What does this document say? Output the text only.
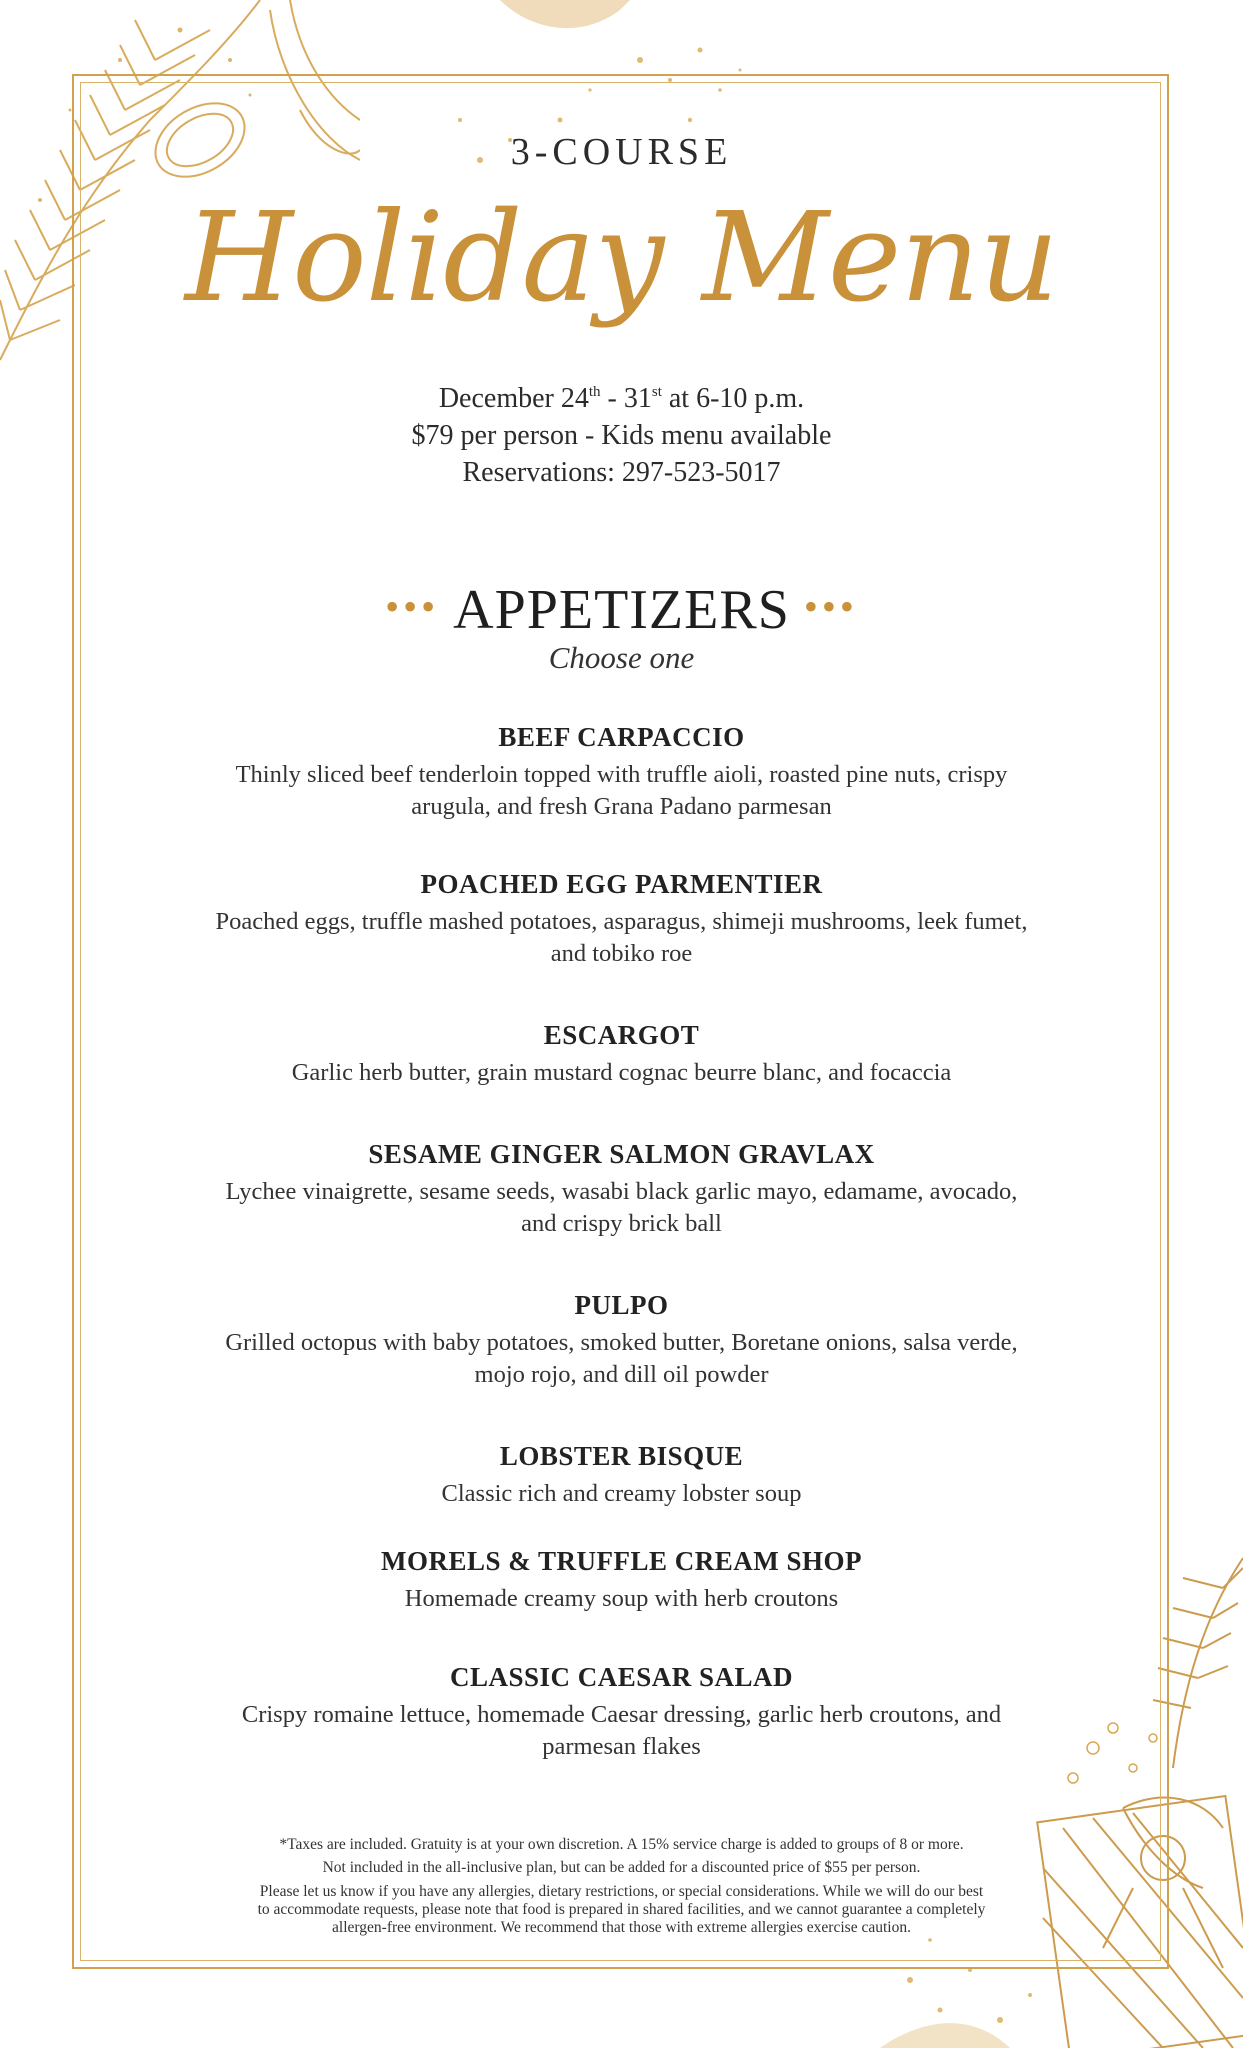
3-COURSE
Holiday Menu
December 24th - 31st at 6-10 p.m.
$79 per person - Kids menu available
Reservations: 297-523-5017
••• APPETIZERS •••
Choose one
BEEF CARPACCIO
Thinly sliced beef tenderloin topped with truffle aioli, roasted pine nuts, crispy
arugula, and fresh Grana Padano parmesan
POACHED EGG PARMENTIER
Poached eggs, truffle mashed potatoes, asparagus, shimeji mushrooms, leek fumet,
and tobiko roe
ESCARGOT
Garlic herb butter, grain mustard cognac beurre blanc, and focaccia
SESAME GINGER SALMON GRAVLAX
Lychee vinaigrette, sesame seeds, wasabi black garlic mayo, edamame, avocado,
and crispy brick ball
PULPO
Grilled octopus with baby potatoes, smoked butter, Boretane onions, salsa verde,
mojo rojo, and dill oil powder
LOBSTER BISQUE
Classic rich and creamy lobster soup
MORELS & TRUFFLE CREAM SHOP
Homemade creamy soup with herb croutons
CLASSIC CAESAR SALAD
Crispy romaine lettuce, homemade Caesar dressing, garlic herb croutons, and
parmesan flakes
*Taxes are included. Gratuity is at your own discretion. A 15% service charge is added to groups of 8 or more.
Not included in the all-inclusive plan, but can be added for a discounted price of $55 per person.
Please let us know if you have any allergies, dietary restrictions, or special considerations. While we will do our best
to accommodate requests, please note that food is prepared in shared facilities, and we cannot guarantee a completely
allergen-free environment. We recommend that those with extreme allergies exercise caution.
